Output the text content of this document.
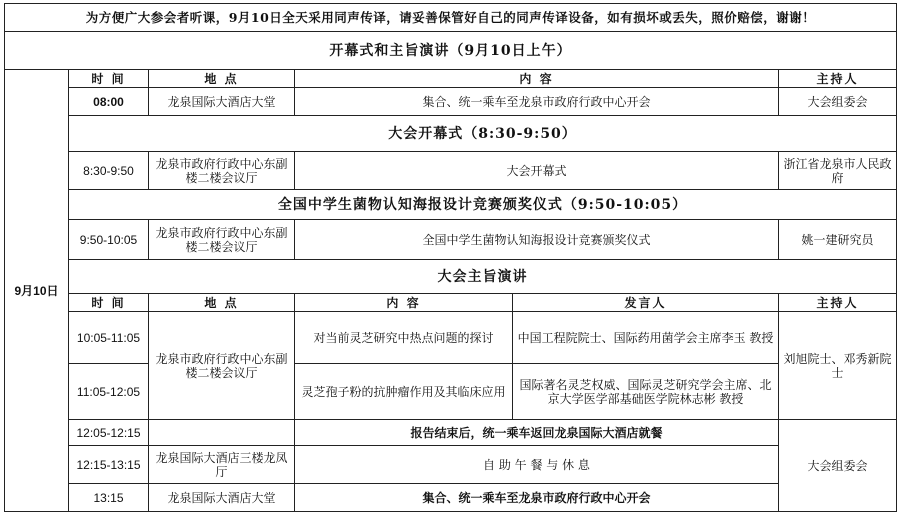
为方便广大参会者听课，9月10日全天采用同声传译，请妥善保管好自己的同声传译设备，如有损坏或丢失，照价赔偿，谢谢！					
开幕式和主旨演讲（9月10日上午）					
9月10日	时 间	地 点	内 容		主持人
	08:00	龙泉国际大酒店大堂	集合、统一乘车至龙泉市政府行政中心开会		大会组委会
	大会开幕式（8:30-9:50）				
	8:30-9:50	龙泉市政府行政中心东副楼二楼会议厅	大会开幕式		浙江省龙泉市人民政府
	全国中学生菌物认知海报设计竞赛颁奖仪式（9:50-10:05）				
	9:50-10:05	龙泉市政府行政中心东副楼二楼会议厅	全国中学生菌物认知海报设计竞赛颁奖仪式		姚一建研究员
	大会主旨演讲				
	时 间	地 点	内 容	发言人	主持人
	10:05-11:05	龙泉市政府行政中心东副楼二楼会议厅	对当前灵芝研究中热点问题的探讨	中国工程院院士、国际药用菌学会主席李玉 教授	刘旭院士、邓秀新院士
	11:05-12:05		灵芝孢子粉的抗肿瘤作用及其临床应用	国际著名灵芝权威、国际灵芝研究学会主席、北京大学医学部基础医学院林志彬 教授	
	12:05-12:15		报告结束后，统一乘车返回龙泉国际大酒店就餐		大会组委会
	12:15-13:15	龙泉国际大酒店三楼龙凤厅	自 助 午 餐 与 休 息		
	13:15	龙泉国际大酒店大堂	集合、统一乘车至龙泉市政府行政中心开会		
